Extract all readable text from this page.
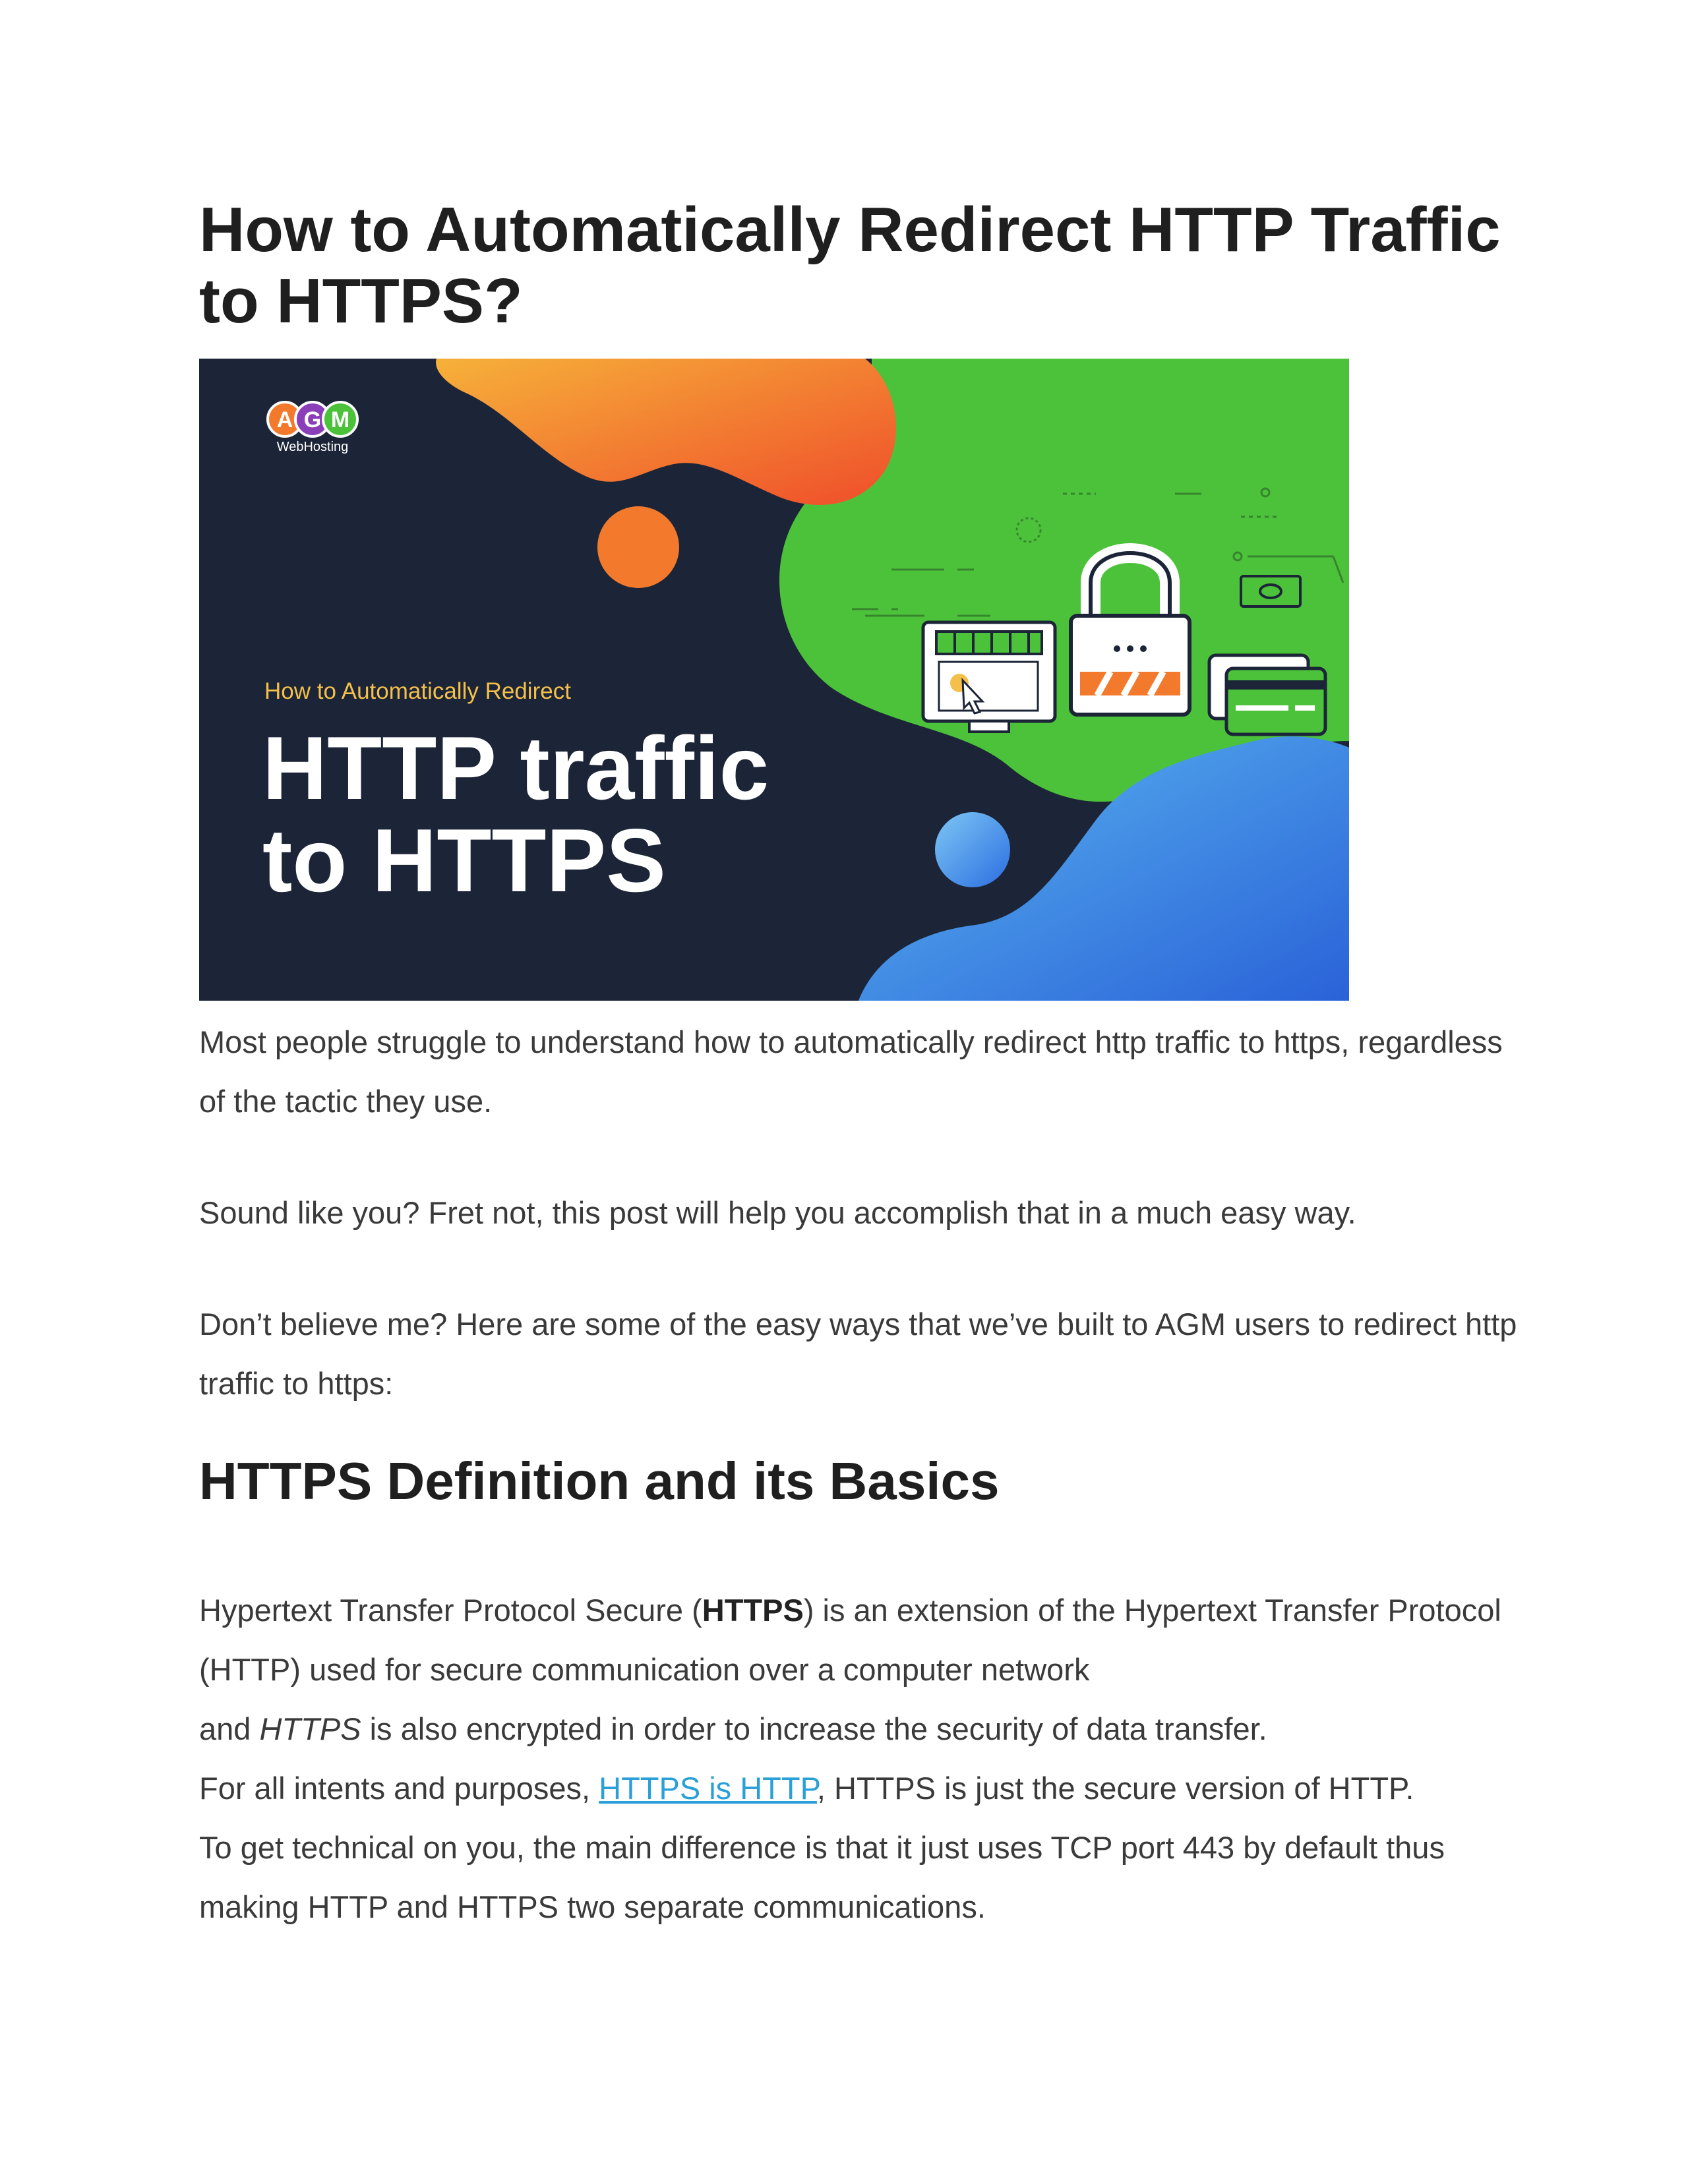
How to Automatically Redirect HTTP Traffic to HTTPS?
A G M
WebHosting
How to Automatically Redirect
HTTP traffic
to HTTPS

Most people struggle to understand how to automatically redirect http traffic to https, regardless of the tactic they use.

Sound like you? Fret not, this post will help you accomplish that in a much easy way.

Don’t believe me? Here are some of the easy ways that we’ve built to AGM users to redirect http traffic to https:

HTTPS Definition and its Basics

Hypertext Transfer Protocol Secure (HTTPS) is an extension of the Hypertext Transfer Protocol (HTTP) used for secure communication over a computer network
and HTTPS is also encrypted in order to increase the security of data transfer.
For all intents and purposes, HTTPS is HTTP, HTTPS is just the secure version of HTTP.
To get technical on you, the main difference is that it just uses TCP port 443 by default thus making HTTP and HTTPS two separate communications.
